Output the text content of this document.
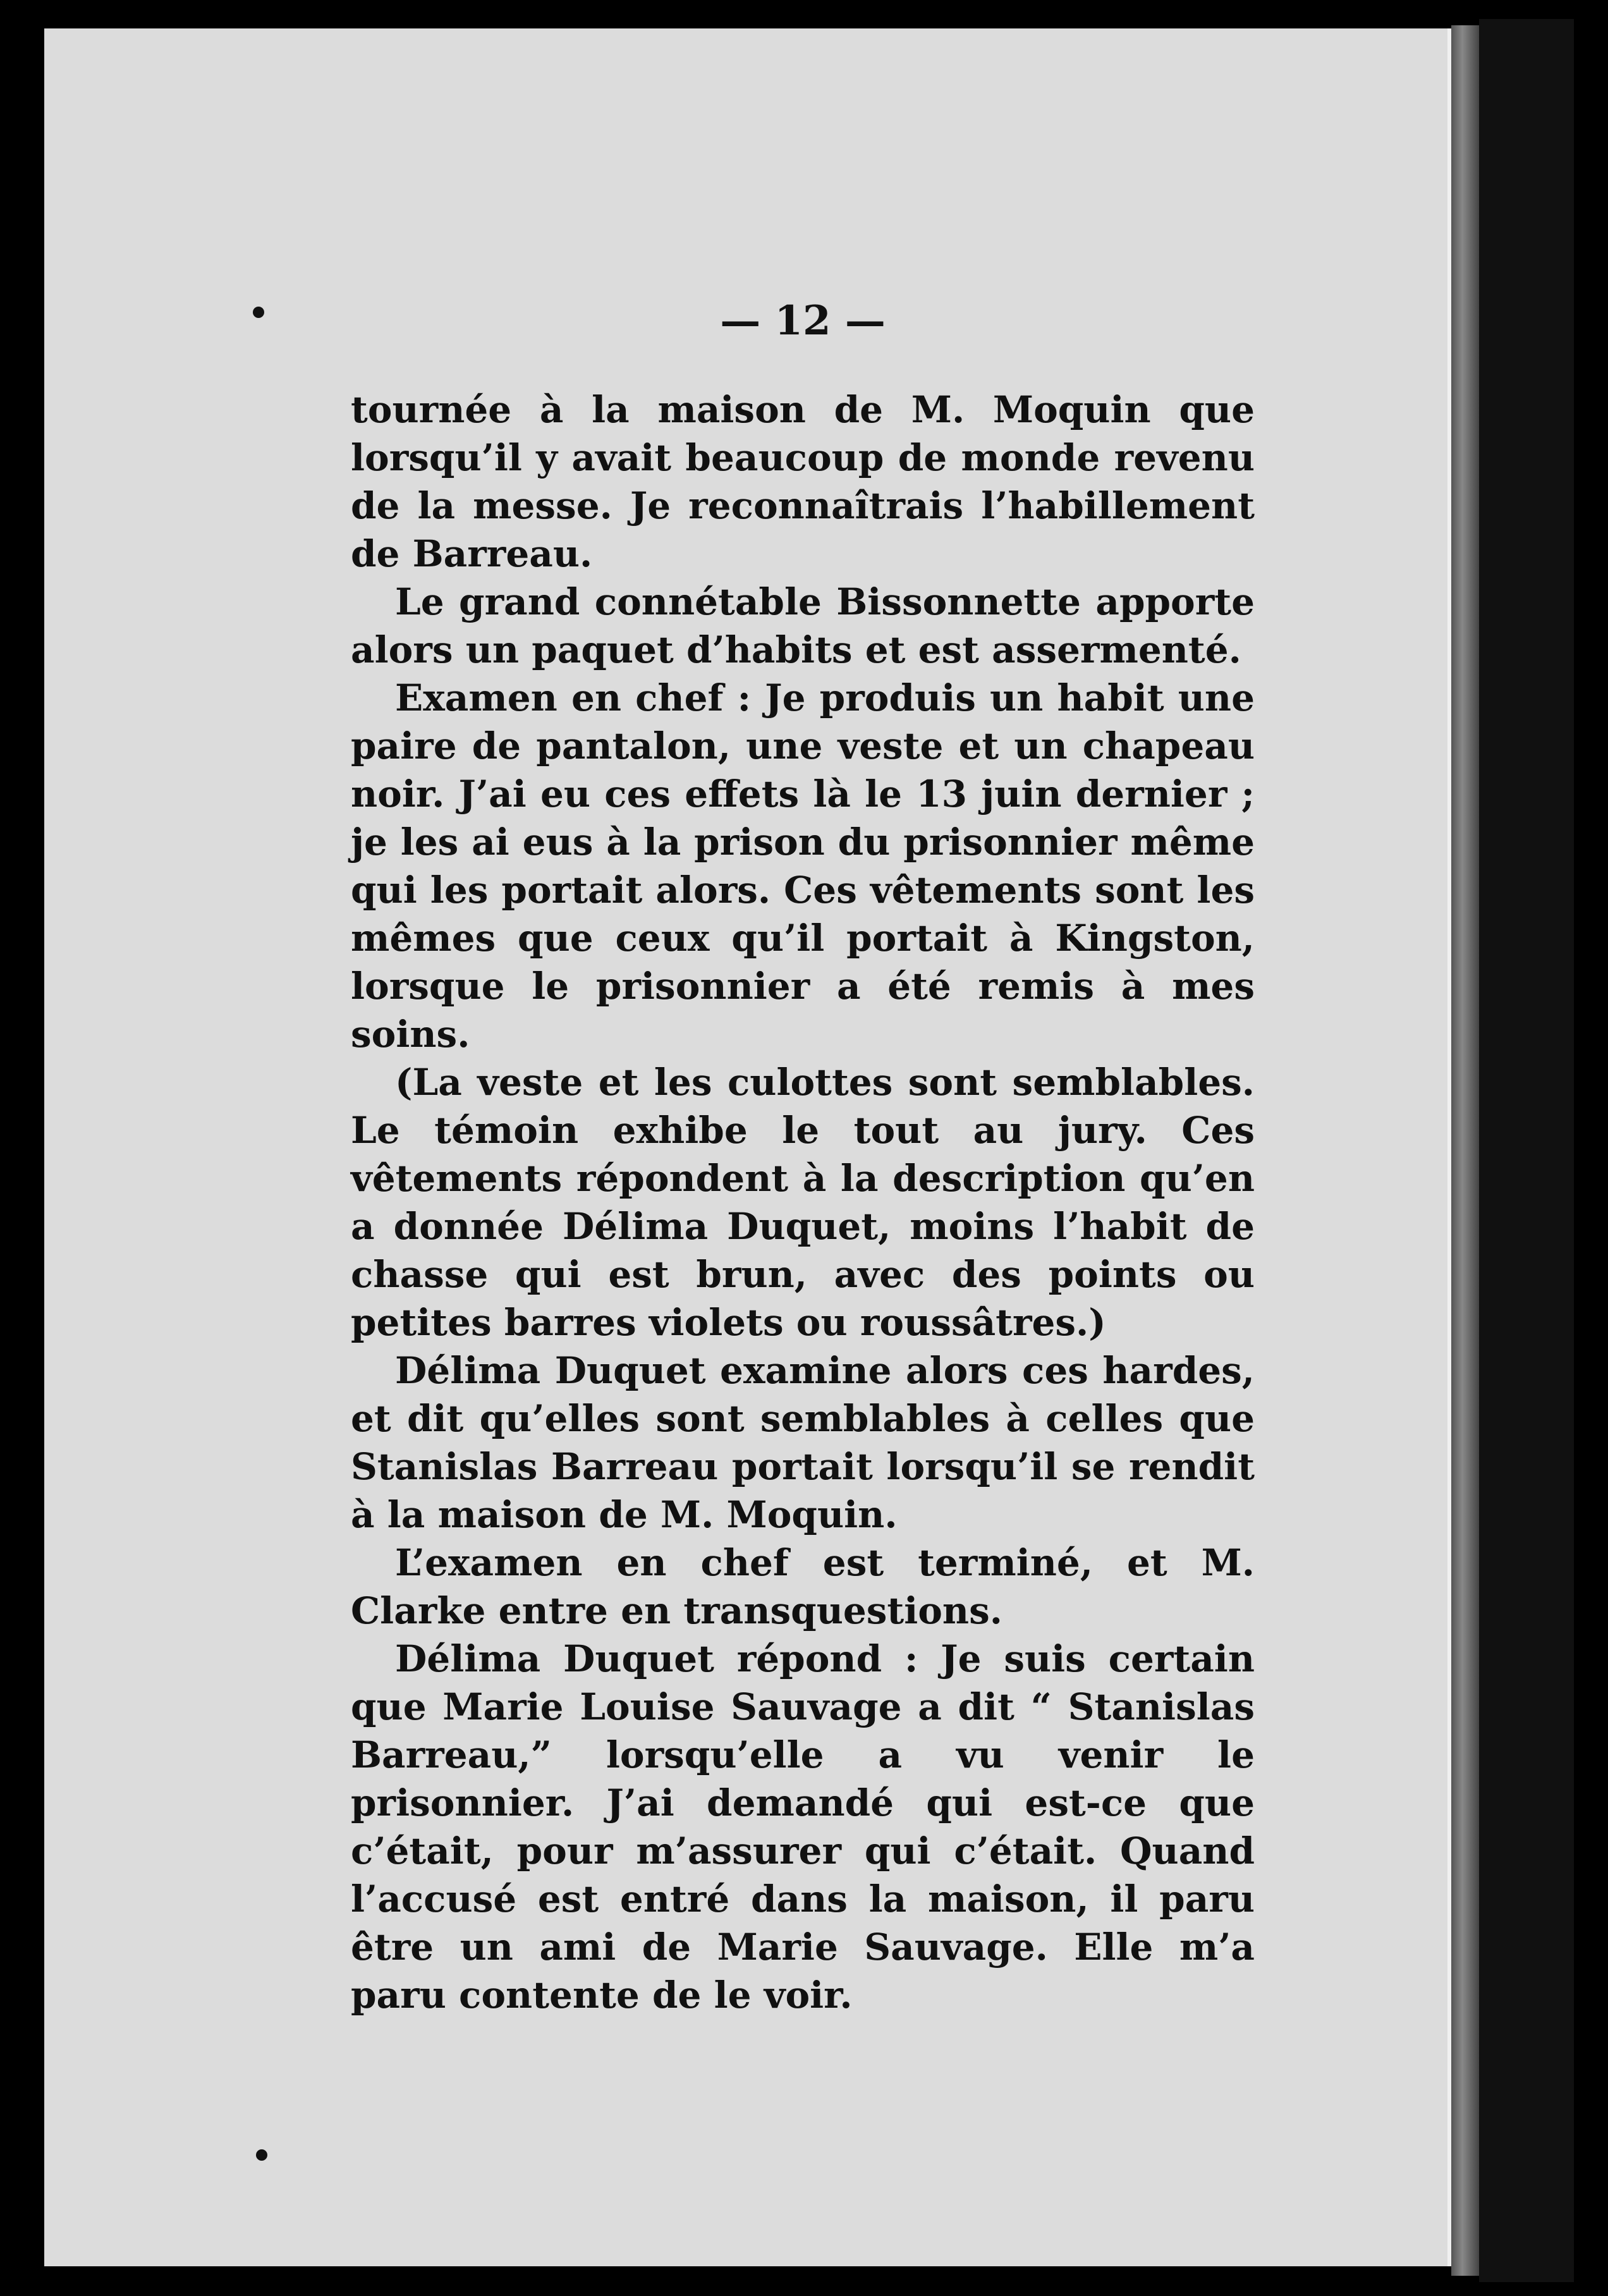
— 12 —

tournée à la maison de M. Moquin que lorsqu’il y avait beaucoup de monde revenu de la messe. Je reconnaîtrais l’habillement de Barreau.

Le grand connétable Bissonnette apporte alors un paquet d’habits et est assermenté.

Examen en chef : Je produis un habit une paire de pantalon, une veste et un chapeau noir. J’ai eu ces effets là le 13 juin dernier ; je les ai eus à la prison du prisonnier même qui les portait alors. Ces vêtements sont les mêmes que ceux qu’il portait à Kingston, lorsque le prisonnier a été remis à mes soins.

(La veste et les culottes sont semblables. Le témoin exhibe le tout au jury. Ces vêtements répondent à la description qu’en a donnée Délima Duquet, moins l’habit de chasse qui est brun, avec des points ou petites barres violets ou roussâtres.)

Délima Duquet examine alors ces hardes, et dit qu’elles sont semblables à celles que Stanislas Barreau portait lorsqu’il se rendit à la maison de M. Moquin.

L’examen en chef est terminé, et M. Clarke entre en transquestions.

Délima Duquet répond : Je suis certain que Marie Louise Sauvage a dit “ Stanislas Barreau,” lorsqu’elle a vu venir le prisonnier. J’ai demandé qui est-ce que c’était, pour m’assurer qui c’était. Quand l’accusé est entré dans la maison, il paru être un ami de Marie Sauvage. Elle m’a paru contente de le voir.
